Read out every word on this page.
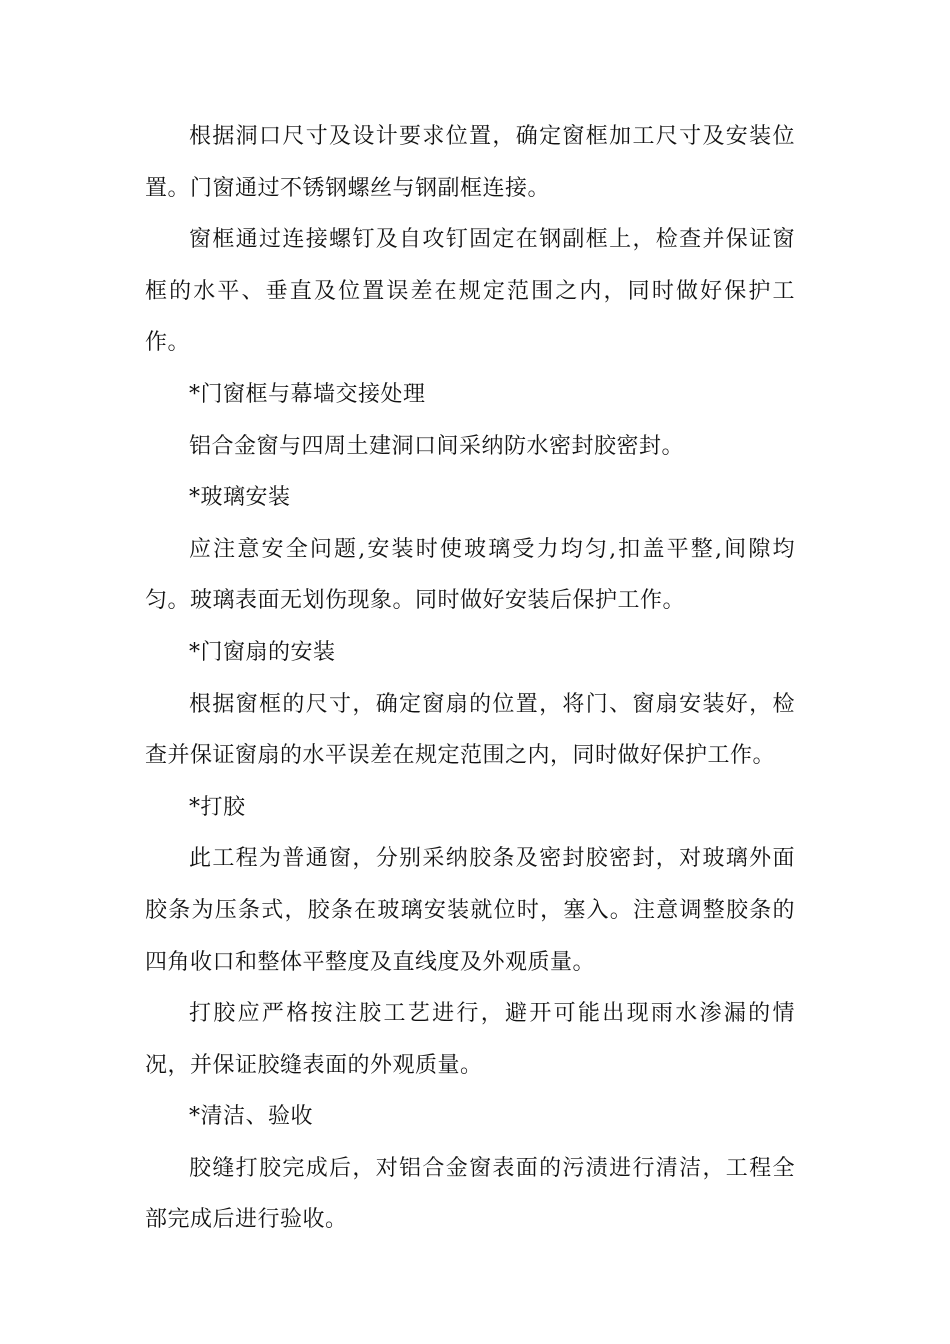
根据洞口尺寸及设计要求位置，确定窗框加工尺寸及安装位置。门窗通过不锈钢螺丝与钢副框连接。

窗框通过连接螺钉及自攻钉固定在钢副框上，检查并保证窗框的水平、垂直及位置误差在规定范围之内，同时做好保护工作。

*门窗框与幕墙交接处理

铝合金窗与四周土建洞口间采纳防水密封胶密封。

*玻璃安装

应注意安全问题,安装时使玻璃受力均匀,扣盖平整,间隙均匀。玻璃表面无划伤现象。同时做好安装后保护工作。

*门窗扇的安装

根据窗框的尺寸，确定窗扇的位置，将门、窗扇安装好，检查并保证窗扇的水平误差在规定范围之内，同时做好保护工作。

*打胶

此工程为普通窗，分别采纳胶条及密封胶密封，对玻璃外面胶条为压条式，胶条在玻璃安装就位时，塞入。注意调整胶条的四角收口和整体平整度及直线度及外观质量。

打胶应严格按注胶工艺进行，避开可能出现雨水渗漏的情况，并保证胶缝表面的外观质量。

*清洁、验收

胶缝打胶完成后，对铝合金窗表面的污渍进行清洁，工程全部完成后进行验收。
